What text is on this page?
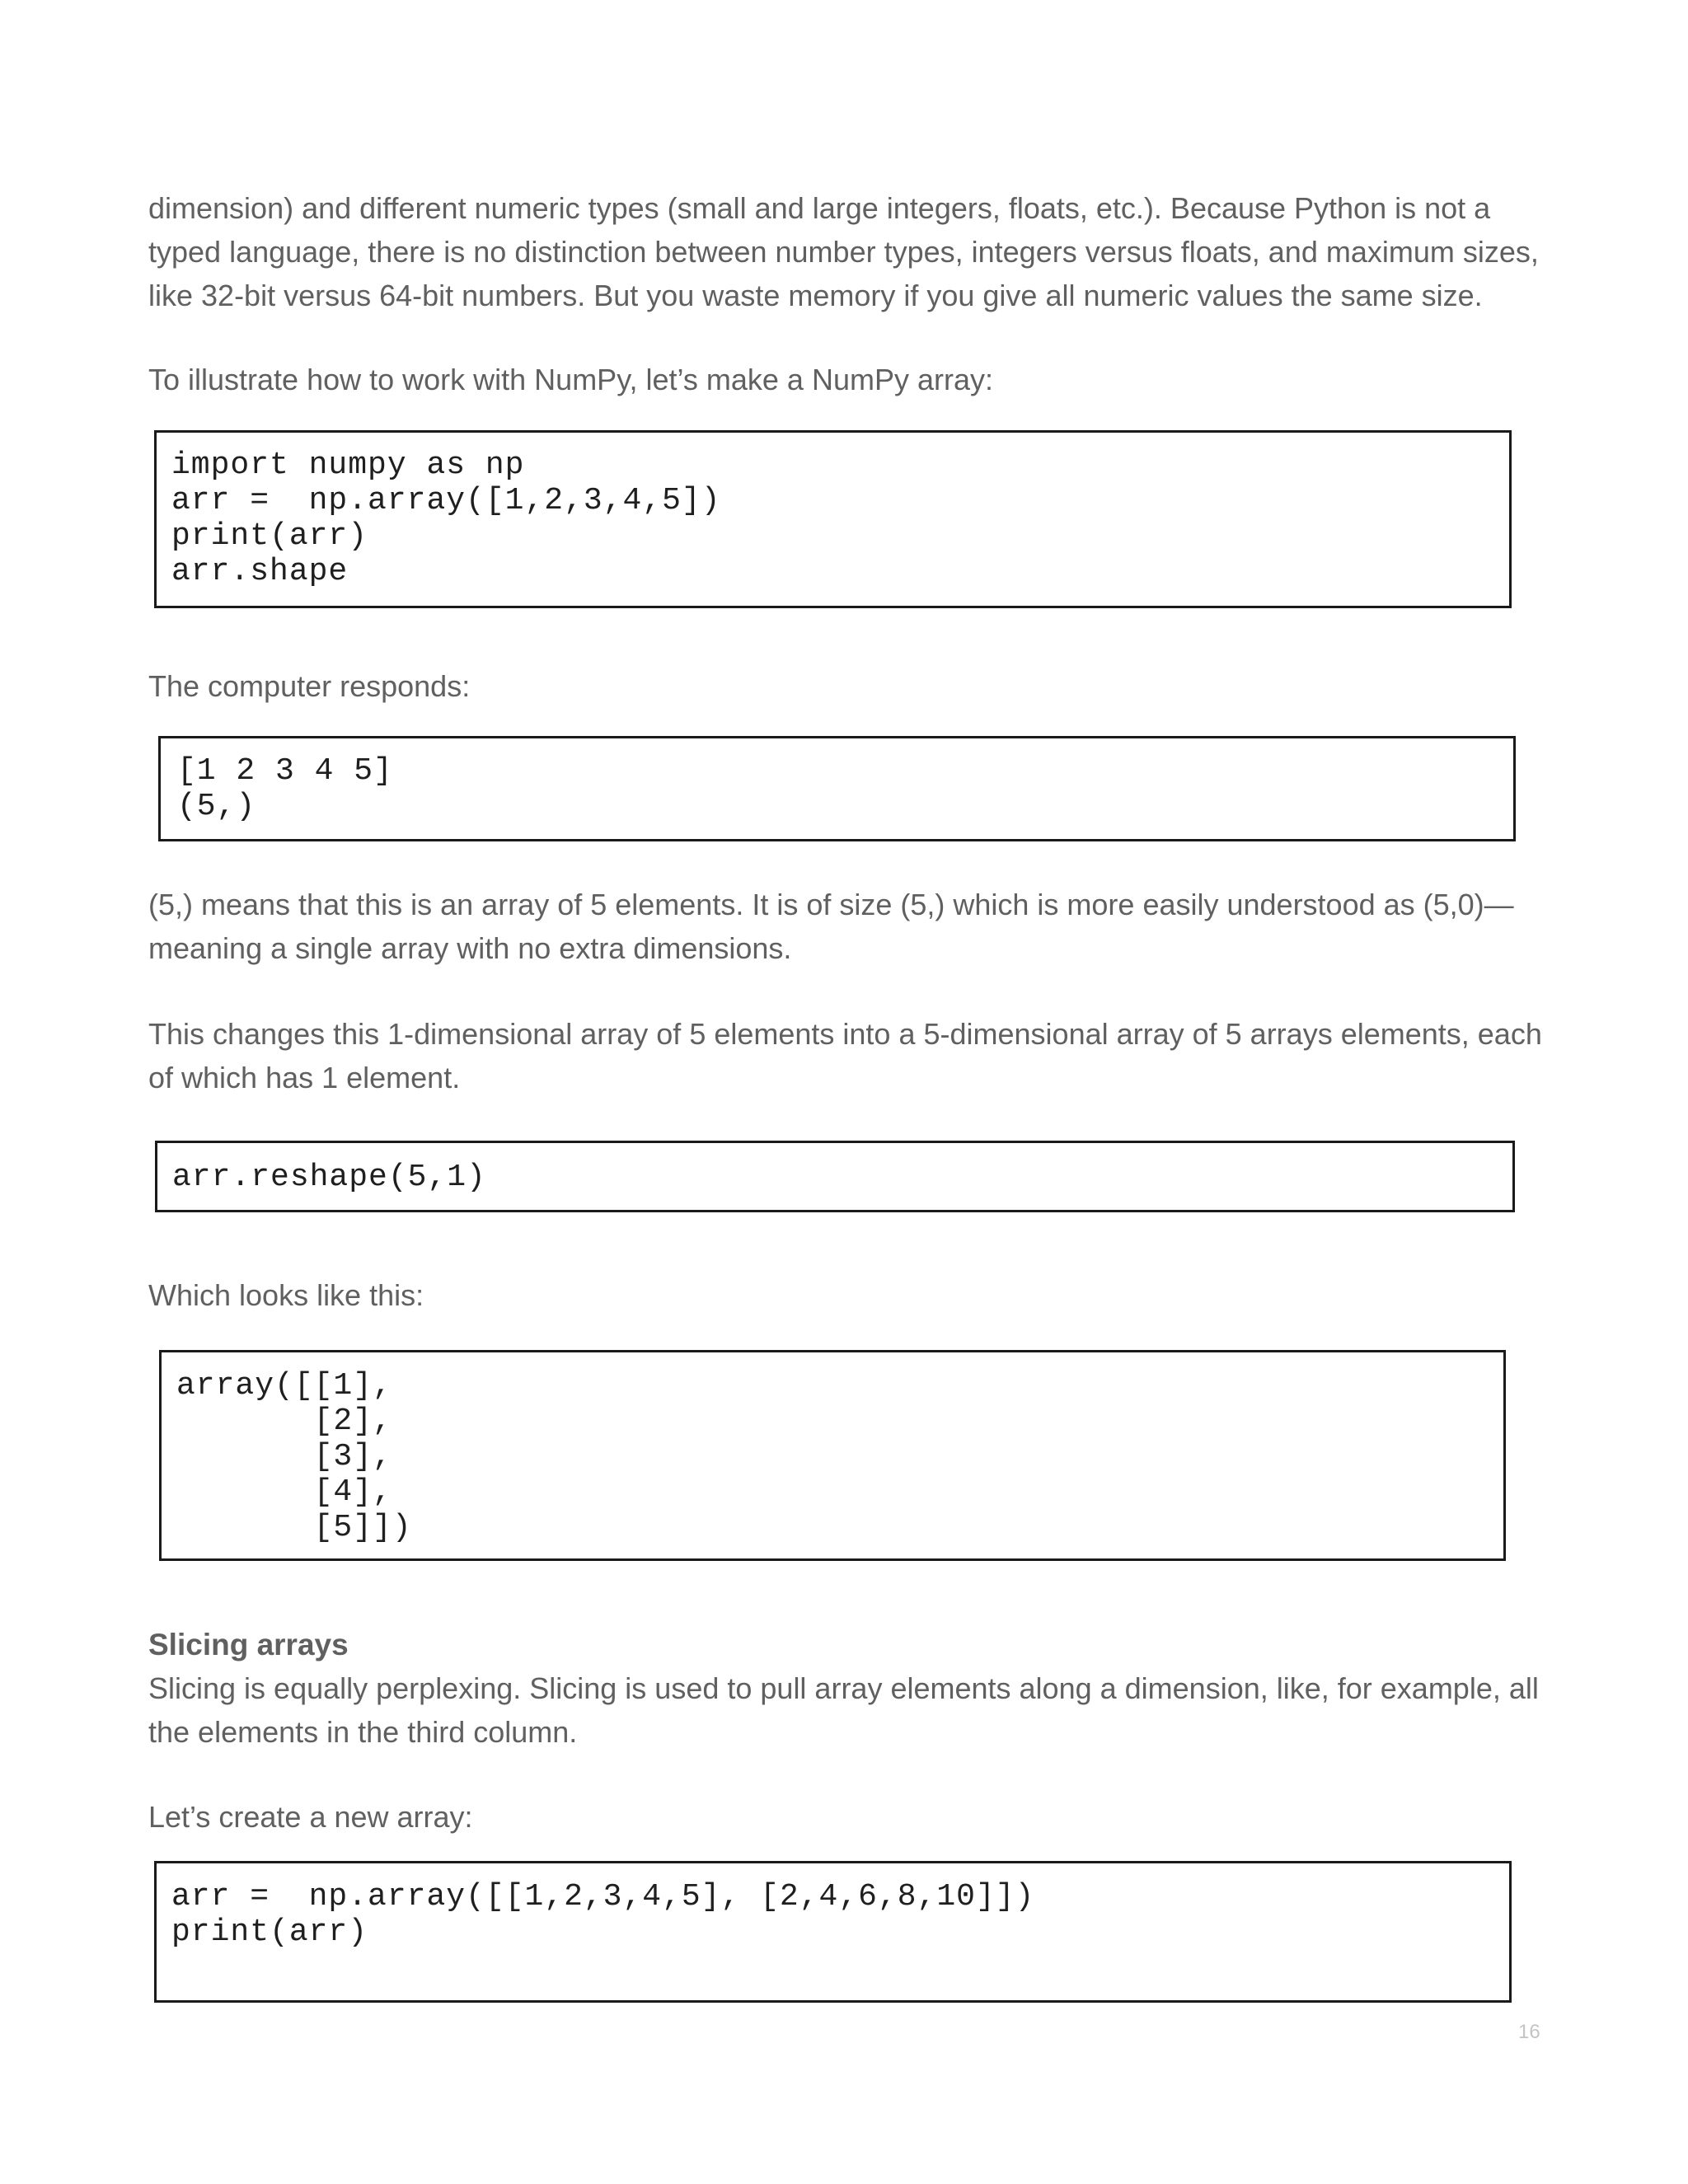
dimension) and different numeric types (small and large integers, floats, etc.). Because Python is not a
typed language, there is no distinction between number types, integers versus floats, and maximum sizes,
like 32-bit versus 64-bit numbers. But you waste memory if you give all numeric values the same size.

To illustrate how to work with NumPy, let’s make a NumPy array:

import numpy as np
arr =  np.array([1,2,3,4,5])
print(arr)
arr.shape

The computer responds:

[1 2 3 4 5]
(5,)

(5,) means that this is an array of 5 elements. It is of size (5,) which is more easily understood as (5,0)—
meaning a single array with no extra dimensions.

This changes this 1-dimensional array of 5 elements into a 5-dimensional array of 5 arrays elements, each
of which has 1 element.

arr.reshape(5,1)

Which looks like this:

array([[1],
[2],
[3],
[4],
[5]])
Slicing arrays

Slicing is equally perplexing. Slicing is used to pull array elements along a dimension, like, for example, all
the elements in the third column.

Let’s create a new array:

arr =  np.array([[1,2,3,4,5], [2,4,6,8,10]])
print(arr)
16
